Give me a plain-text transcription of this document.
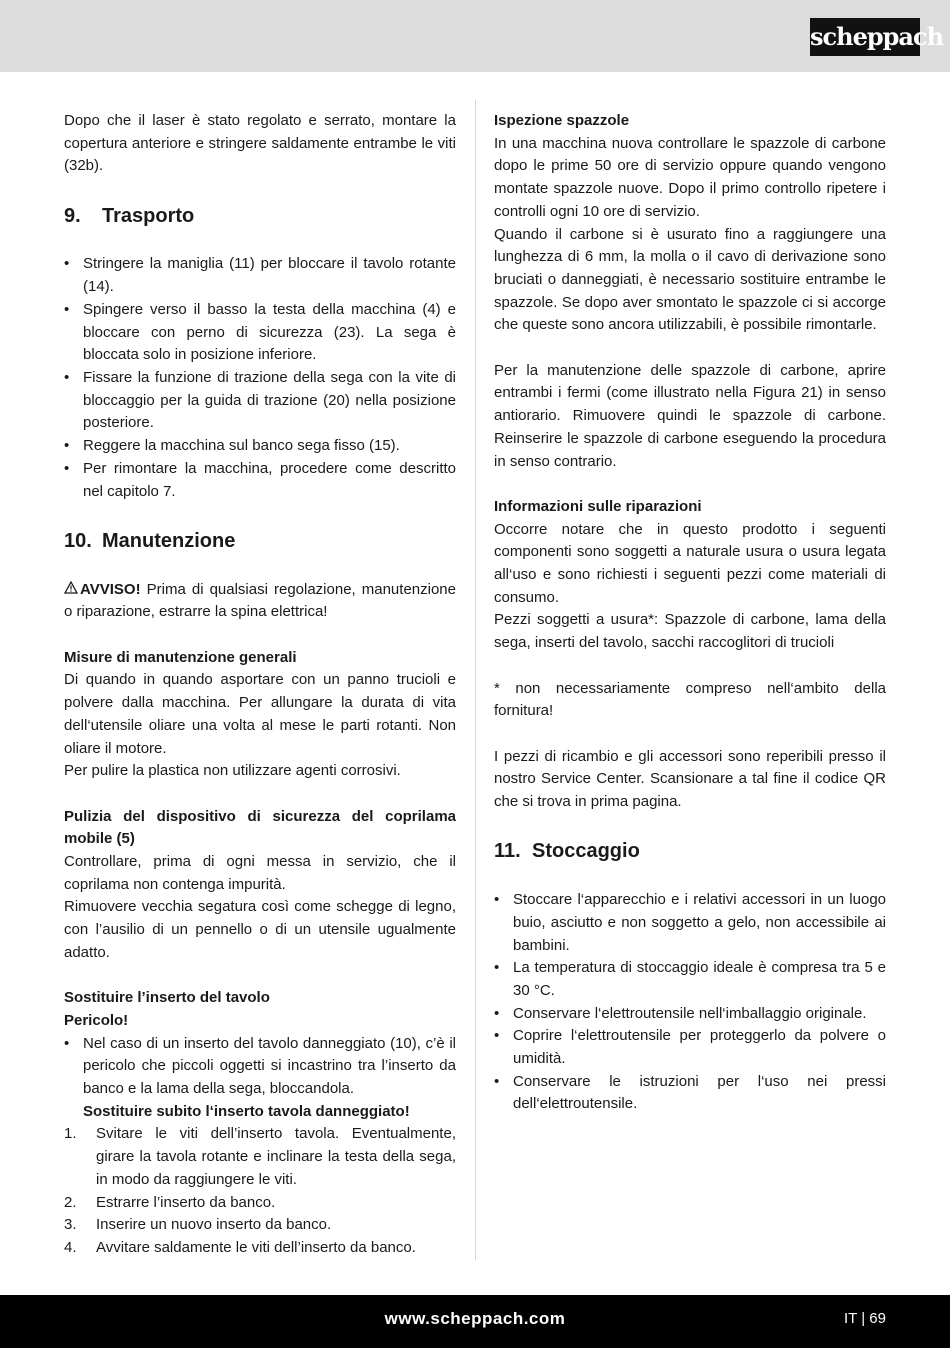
scheppach

Dopo che il laser è stato regolato e serrato, montare la copertura anteriore e stringere saldamente entrambe le viti (32b).

9.	Trasporto
• Stringere la maniglia (11) per bloccare il tavolo rotante (14).
• Spingere verso il basso la testa della macchina (4) e bloccare con perno di sicurezza (23). La sega è bloccata solo in posizione inferiore.
• Fissare la funzione di trazione della sega con la vite di bloccaggio per la guida di trazione (20) nella posizione posteriore.
• Reggere la macchina sul banco sega fisso (15).
• Per rimontare la macchina, procedere come descritto nel capitolo 7.
10. Manutenzione

AVVISO! Prima di qualsiasi regolazione, manutenzione o riparazione, estrarre la spina elettrica!

Misure di manutenzione generali

Di quando in quando asportare con un panno trucioli e polvere dalla macchina. Per allungare la durata di vita dell‘utensile oliare una volta al mese le parti rotanti. Non oliare il motore.

Per pulire la plastica non utilizzare agenti corrosivi.

Pulizia del dispositivo di sicurezza del coprilama mobile (5)

Controllare, prima di ogni messa in servizio, che il coprilama non contenga impurità.

Rimuovere vecchia segatura così come schegge di legno, con l’ausilio di un pennello o di un utensile ugualmente adatto.

Sostituire l’inserto del tavolo

Pericolo!

• Nel caso di un inserto del tavolo danneggiato (10), c’è il pericolo che piccoli oggetti si incastrino tra l’inserto da banco e la lama della sega, bloccandola.
Sostituire subito l‘inserto tavola danneggiato!
1. Svitare le viti dell’inserto tavola. Eventualmente, girare la tavola rotante e inclinare la testa della sega, in modo da raggiungere le viti.
2. Estrarre l’inserto da banco.
3. Inserire un nuovo inserto da banco.
4. Avvitare saldamente le viti dell’inserto da banco.

Ispezione spazzole

In una macchina nuova controllare le spazzole di carbone dopo le prime 50 ore di servizio oppure quando vengono montate spazzole nuove. Dopo il primo controllo ripetere i controlli ogni 10 ore di servizio.

Quando il carbone si è usurato fino a raggiungere una lunghezza di 6 mm, la molla o il cavo di derivazione sono bruciati o danneggiati, è necessario sostituire entrambe le spazzole. Se dopo aver smontato le spazzole ci si accorge che queste sono ancora utilizzabili, è possibile rimontarle.

Per la manutenzione delle spazzole di carbone, aprire entrambi i fermi (come illustrato nella Figura 21) in senso antiorario. Rimuovere quindi le spazzole di carbone. Reinserire le spazzole di carbone eseguendo la procedura in senso contrario.

Informazioni sulle riparazioni

Occorre notare che in questo prodotto i seguenti componenti sono soggetti a naturale usura o usura legata all‘uso e sono richiesti i seguenti pezzi come materiali di consumo.

Pezzi soggetti a usura*: Spazzole di carbone, lama della sega, inserti del tavolo, sacchi raccoglitori di trucioli

* non necessariamente compreso nell‘ambito della fornitura!

I pezzi di ricambio e gli accessori sono reperibili presso il nostro Service Center. Scansionare a tal fine il codice QR che si trova in prima pagina.

11. Stoccaggio
• Stoccare l‘apparecchio e i relativi accessori in un luogo buio, asciutto e non soggetto a gelo, non accessibile ai bambini.
• La temperatura di stoccaggio ideale è compresa tra 5 e 30 °C.
• Conservare l‘elettroutensile nell‘imballaggio originale.
• Coprire l‘elettroutensile per proteggerlo da polvere o umidità.
• Conservare le istruzioni per l‘uso nei pressi dell‘elettroutensile.
www.scheppach.com	IT | 69
